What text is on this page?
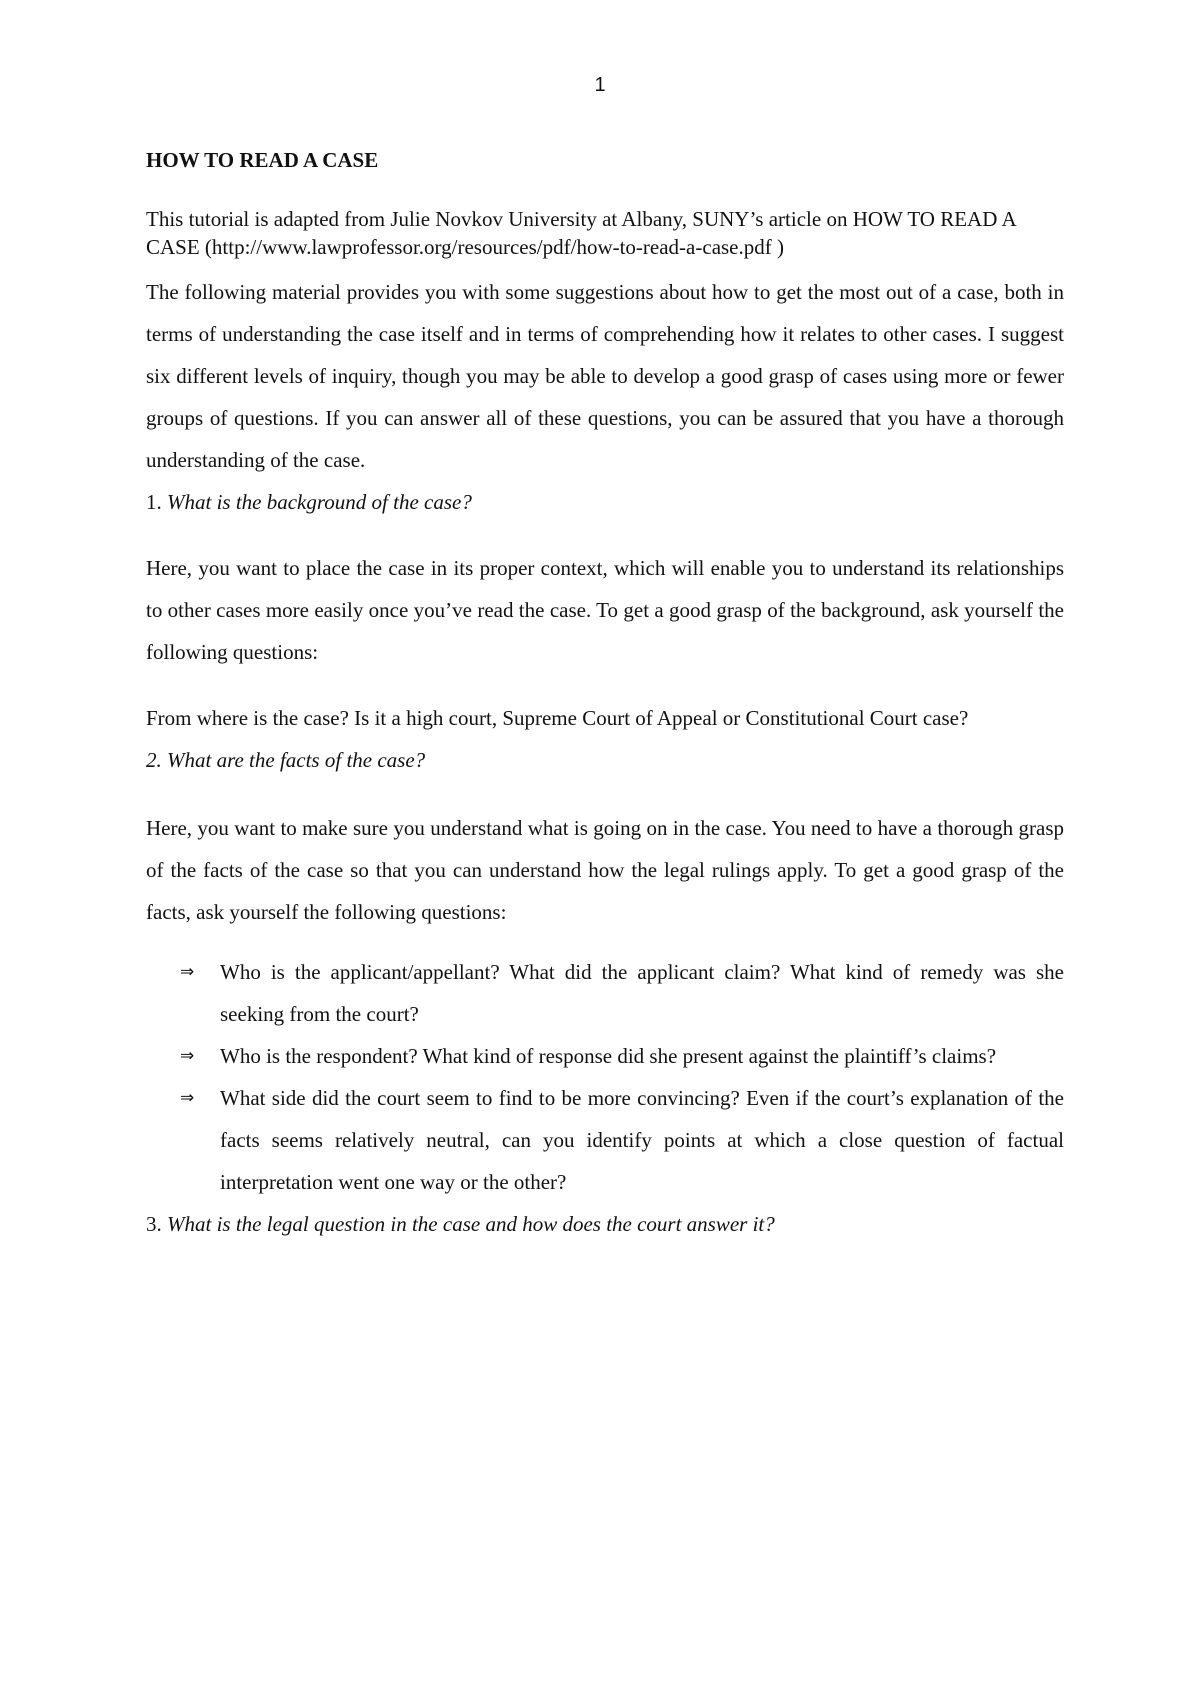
1

HOW TO READ A CASE

This tutorial is adapted from Julie Novkov University at Albany, SUNY’s article on HOW TO READ A CASE (http://www.lawprofessor.org/resources/pdf/how-to-read-a-case.pdf )

The following material provides you with some suggestions about how to get the most out of a case, both in terms of understanding the case itself and in terms of comprehending how it relates to other cases. I suggest six different levels of inquiry, though you may be able to develop a good grasp of cases using more or fewer groups of questions. If you can answer all of these questions, you can be assured that you have a thorough understanding of the case.

1. What is the background of the case?

Here, you want to place the case in its proper context, which will enable you to understand its relationships to other cases more easily once you’ve read the case. To get a good grasp of the background, ask yourself the following questions:

From where is the case? Is it a high court, Supreme Court of Appeal or Constitutional Court case?

2. What are the facts of the case?

Here, you want to make sure you understand what is going on in the case. You need to have a thorough grasp of the facts of the case so that you can understand how the legal rulings apply. To get a good grasp of the facts, ask yourself the following questions:

⇒ Who is the applicant/appellant? What did the applicant claim? What kind of remedy was she seeking from the court?
⇒ Who is the respondent? What kind of response did she present against the plaintiff’s claims?
⇒ What side did the court seem to find to be more convincing? Even if the court’s explanation of the facts seems relatively neutral, can you identify points at which a close question of factual interpretation went one way or the other?

3. What is the legal question in the case and how does the court answer it?
